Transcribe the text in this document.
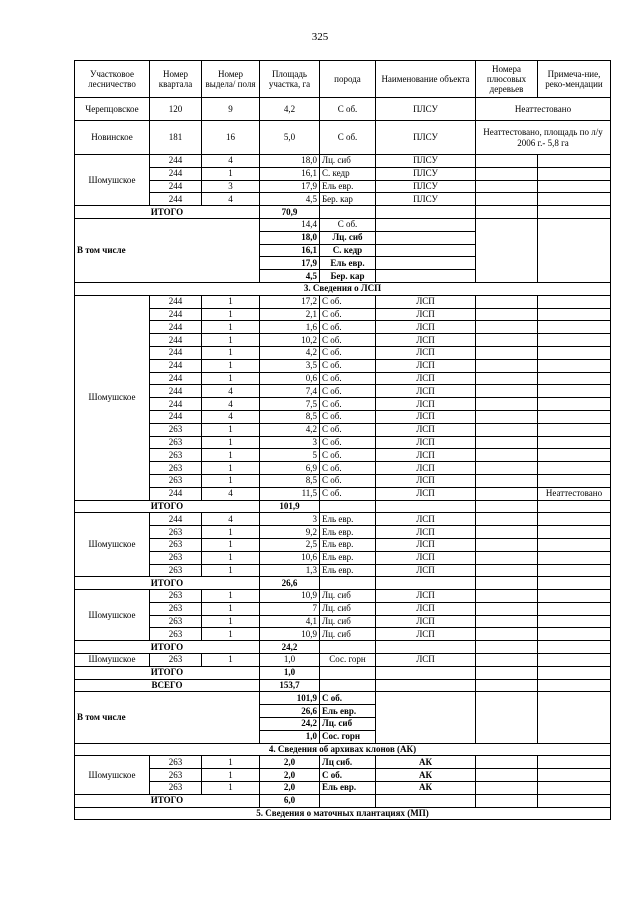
325
Участковое лесничество	Номер квартала	Номер выдела/ поля	Площадь участка, га	порода	Наименование объекта	Номера плюсовых деревьев	Примеча-ние, реко-мендации
Черепцовское	120	9	4,2	С об.	ПЛСУ	Неаттестовано	
Новинское	181	16	5,0	С об.	ПЛСУ	Неаттестовано, площадь по л/у 2006 г.- 5,8 га	
Шомушское	244	4	18,0	Лц. сиб	ПЛСУ		
	244	1	16,1	С. кедр	ПЛСУ		
	244	3	17,9	Ель евр.	ПЛСУ		
	244	4	4,5	Бер. кар	ПЛСУ		
ИТОГО			70,9				
В том числе			14,4	С об.			
			18,0	Лц. сиб			
			16,1	С. кедр			
			17,9	Ель евр.			
			4,5	Бер. кар			
3. Сведения о ЛСП							
Шомушское	244	1	17,2	С об.	ЛСП		
	244	1	2,1	С об.	ЛСП		
	244	1	1,6	С об.	ЛСП		
	244	1	10,2	С об.	ЛСП		
	244	1	4,2	С об.	ЛСП		
	244	1	3,5	С об.	ЛСП		
	244	1	0,6	С об.	ЛСП		
	244	4	7,4	С об.	ЛСП		
	244	4	7,5	С об.	ЛСП		
	244	4	8,5	С об.	ЛСП		
	263	1	4,2	С об.	ЛСП		
	263	1	3	С об.	ЛСП		
	263	1	5	С об.	ЛСП		
	263	1	6,9	С об.	ЛСП		
	263	1	8,5	С об.	ЛСП		
	244	4	11,5	С об.	ЛСП		Неаттестовано
ИТОГО			101,9				
Шомушское	244	4	3	Ель евр.	ЛСП		
	263	1	9,2	Ель евр.	ЛСП		
	263	1	2,5	Ель евр.	ЛСП		
	263	1	10,6	Ель евр.	ЛСП		
	263	1	1,3	Ель евр.	ЛСП		
ИТОГО			26,6				
Шомушское	263	1	10,9	Лц. сиб	ЛСП		
	263	1	7	Лц. сиб	ЛСП		
	263	1	4,1	Лц. сиб	ЛСП		
	263	1	10,9	Лц. сиб	ЛСП		
ИТОГО			24,2				
Шомушское	263	1	1,0	Сос. горн	ЛСП		
ИТОГО			1,0				
ВСЕГО			153,7				
В том числе			101,9	С об.			
			26,6	Ель евр.			
			24,2	Лц. сиб			
			1,0	Сос. горн			
4. Сведения об архивах клонов (АК)							
Шомушское	263	1	2,0	Лц сиб.	АК		
	263	1	2,0	С об.	АК		
	263	1	2,0	Ель евр.	АК		
ИТОГО			6,0				
5. Сведения о маточных плантациях (МП)							
